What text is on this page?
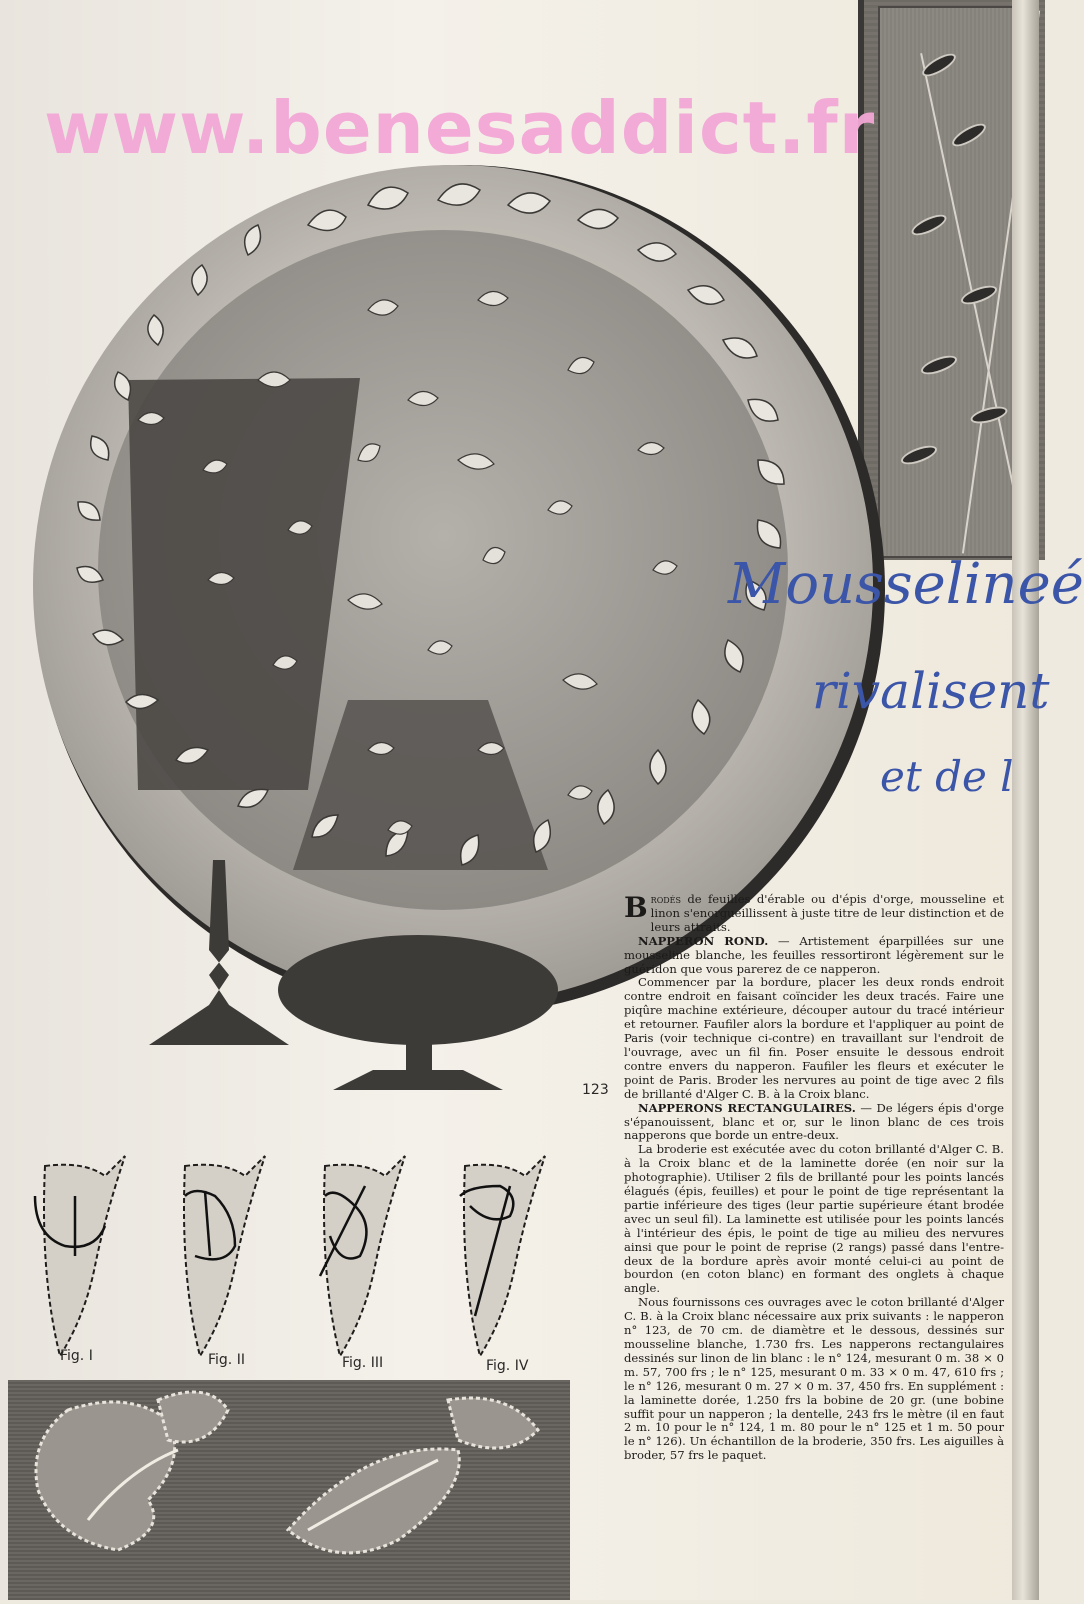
123
www.benesaddict.fr
Mousselineé
rivalisent
et de l
Fig. I	Fig. II	Fig. III	Fig. IV

Brodés de feuilles d'érable ou d'épis d'orge, mousseline et linon s'enorgueillissent à juste titre de leur distinction et de leurs attraits.

NAPPERON ROND. — Artistement éparpillées sur une mousseline blanche, les feuilles ressortiront légèrement sur le guéridon que vous parerez de ce napperon.

Commencer par la bordure, placer les deux ronds endroit contre endroit en faisant coïncider les deux tracés. Faire une piqûre machine extérieure, découper autour du tracé intérieur et retourner. Faufiler alors la bordure et l'appliquer au point de Paris (voir technique ci-contre) en travaillant sur l'endroit de l'ouvrage, avec un fil fin. Poser ensuite le dessous endroit contre envers du napperon. Faufiler les fleurs et exécuter le point de Paris. Broder les nervures au point de tige avec 2 fils de brillanté d'Alger C. B. à la Croix blanc.

NAPPERONS RECTANGULAIRES. — De légers épis d'orge s'épanouissent, blanc et or, sur le linon blanc de ces trois napperons que borde un entre-deux.

La broderie est exécutée avec du coton brillanté d'Alger C. B. à la Croix blanc et de la laminette dorée (en noir sur la photographie). Utiliser 2 fils de brillanté pour les points lancés élagués (épis, feuilles) et pour le point de tige représentant la partie inférieure des tiges (leur partie supérieure étant brodée avec un seul fil). La laminette est utilisée pour les points lancés à l'intérieur des épis, le point de tige au milieu des nervures ainsi que pour le point de reprise (2 rangs) passé dans l'entre-deux de la bordure après avoir monté celui-ci au point de bourdon (en coton blanc) en formant des onglets à chaque angle.

Nous fournissons ces ouvrages avec le coton brillanté d'Alger C. B. à la Croix blanc nécessaire aux prix suivants : le napperon n° 123, de 70 cm. de diamètre et le dessous, dessinés sur mousseline blanche, 1.730 frs. Les napperons rectangulaires dessinés sur linon de lin blanc : le n° 124, mesurant 0 m. 38 × 0 m. 57, 700 frs ; le n° 125, mesurant 0 m. 33 × 0 m. 47, 610 frs ; le n° 126, mesurant 0 m. 27 × 0 m. 37, 450 frs. En supplément : la laminette dorée, 1.250 frs la bobine de 20 gr. (une bobine suffit pour un napperon ; la dentelle, 243 frs le mètre (il en faut 2 m. 10 pour le n° 124, 1 m. 80 pour le n° 125 et 1 m. 50 pour le n° 126). Un échantillon de la broderie, 350 frs. Les aiguilles à broder, 57 frs le paquet.
